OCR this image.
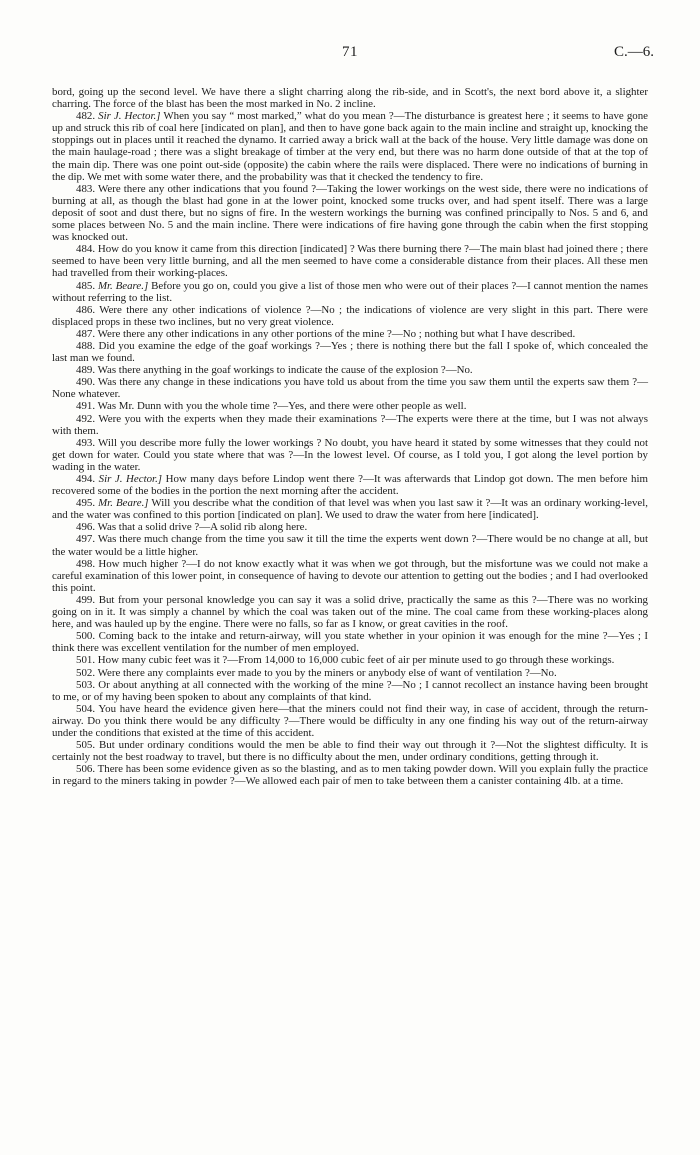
71	C.—6.

bord, going up the second level. We have there a slight charring along the rib-side, and in Scott's, the next bord above it, a slighter charring. The force of the blast has been the most marked in No. 2 incline.

482. Sir J. Hector.] When you say “ most marked,” what do you mean ?—The disturbance is greatest here ; it seems to have gone up and struck this rib of coal here [indicated on plan], and then to have gone back again to the main incline and straight up, knocking the stoppings out in places until it reached the dynamo. It carried away a brick wall at the back of the house. Very little damage was done on the main haulage-road ; there was a slight breakage of timber at the very end, but there was no harm done outside of that at the top of the main dip. There was one point out-side (opposite) the cabin where the rails were displaced. There were no indications of burning in the dip. We met with some water there, and the probability was that it checked the tendency to fire.

483. Were there any other indications that you found ?—Taking the lower workings on the west side, there were no indications of burning at all, as though the blast had gone in at the lower point, knocked some trucks over, and had spent itself. There was a large deposit of soot and dust there, but no signs of fire. In the western workings the burning was confined principally to Nos. 5 and 6, and some places between No. 5 and the main incline. There were indications of fire having gone through the cabin when the first stopping was knocked out.

484. How do you know it came from this direction [indicated] ? Was there burning there ?—The main blast had joined there ; there seemed to have been very little burning, and all the men seemed to have come a considerable distance from their places. All these men had travelled from their working-places.

485. Mr. Beare.] Before you go on, could you give a list of those men who were out of their places ?—I cannot mention the names without referring to the list.

486. Were there any other indications of violence ?—No ; the indications of violence are very slight in this part. There were displaced props in these two inclines, but no very great violence.

487. Were there any other indications in any other portions of the mine ?—No ; nothing but what I have described.

488. Did you examine the edge of the goaf workings ?—Yes ; there is nothing there but the fall I spoke of, which concealed the last man we found.

489. Was there anything in the goaf workings to indicate the cause of the explosion ?—No.

490. Was there any change in these indications you have told us about from the time you saw them until the experts saw them ?—None whatever.

491. Was Mr. Dunn with you the whole time ?—Yes, and there were other people as well.

492. Were you with the experts when they made their examinations ?—The experts were there at the time, but I was not always with them.

493. Will you describe more fully the lower workings ? No doubt, you have heard it stated by some witnesses that they could not get down for water. Could you state where that was ?—In the lowest level. Of course, as I told you, I got along the level portion by wading in the water.

494. Sir J. Hector.] How many days before Lindop went there ?—It was afterwards that Lindop got down. The men before him recovered some of the bodies in the portion the next morning after the accident.

495. Mr. Beare.] Will you describe what the condition of that level was when you last saw it ?—It was an ordinary working-level, and the water was confined to this portion [indicated on plan]. We used to draw the water from here [indicated].

496. Was that a solid drive ?—A solid rib along here.

497. Was there much change from the time you saw it till the time the experts went down ?—There would be no change at all, but the water would be a little higher.

498. How much higher ?—I do not know exactly what it was when we got through, but the misfortune was we could not make a careful examination of this lower point, in consequence of having to devote our attention to getting out the bodies ; and I had overlooked this point.

499. But from your personal knowledge you can say it was a solid drive, practically the same as this ?—There was no working going on in it. It was simply a channel by which the coal was taken out of the mine. The coal came from these working-places along here, and was hauled up by the engine. There were no falls, so far as I know, or great cavities in the roof.

500. Coming back to the intake and return-airway, will you state whether in your opinion it was enough for the mine ?—Yes ; I think there was excellent ventilation for the number of men employed.

501. How many cubic feet was it ?—From 14,000 to 16,000 cubic feet of air per minute used to go through these workings.

502. Were there any complaints ever made to you by the miners or anybody else of want of ventilation ?—No.

503. Or about anything at all connected with the working of the mine ?—No ; I cannot recollect an instance having been brought to me, or of my having been spoken to about any complaints of that kind.

504. You have heard the evidence given here—that the miners could not find their way, in case of accident, through the return-airway. Do you think there would be any difficulty ?—There would be difficulty in any one finding his way out of the return-airway under the conditions that existed at the time of this accident.

505. But under ordinary conditions would the men be able to find their way out through it ?—Not the slightest difficulty. It is certainly not the best roadway to travel, but there is no difficulty about the men, under ordinary conditions, getting through it.

506. There has been some evidence given as so the blasting, and as to men taking powder down. Will you explain fully the practice in regard to the miners taking in powder ?—We allowed each pair of men to take between them a canister containing 4lb. at a time.
